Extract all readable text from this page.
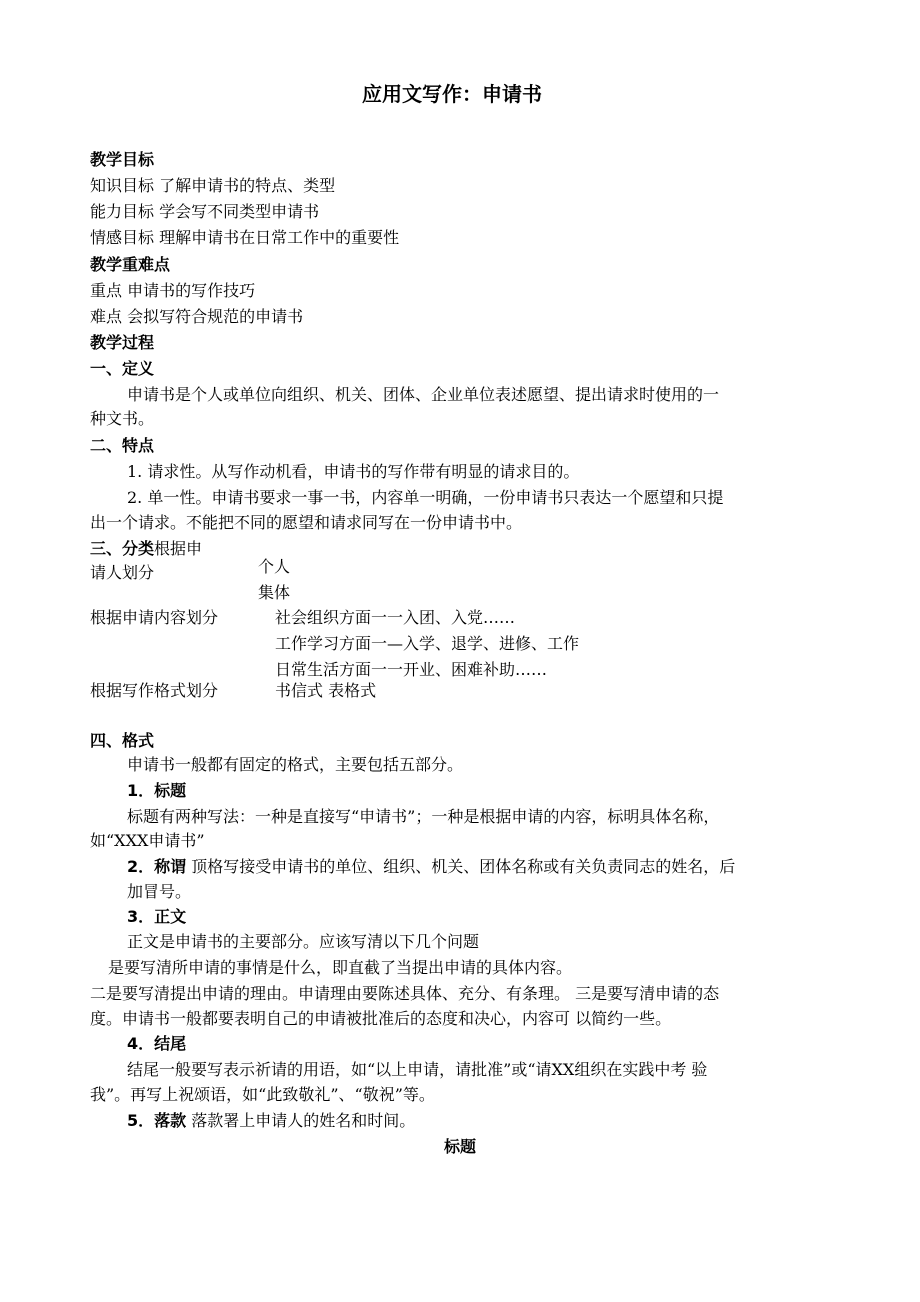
应用文写作：申请书
教学目标
知识目标 了解申请书的特点、类型
能力目标 学会写不同类型申请书
情感目标 理解申请书在日常工作中的重要性
教学重难点
重点 申请书的写作技巧
难点 会拟写符合规范的申请书
教学过程
一、定义
申请书是个人或单位向组织、机关、团体、企业单位表述愿望、提出请求时使用的一
种文书。
二、特点
1. 请求性。从写作动机看，申请书的写作带有明显的请求目的。
2. 单一性。申请书要求一事一书，内容单一明确，一份申请书只表达一个愿望和只提
出一个请求。不能把不同的愿望和请求同写在一份申请书中。
三、分类根据申
个人
请人划分
集体
根据申请内容划分	社会组织方面一一入团、入党……
工作学习方面一—入学、退学、进修、工作
日常生活方面一一开业、困难补助……
根据写作格式划分	书信式 表格式
四、格式
申请书一般都有固定的格式，主要包括五部分。
1．标题
标题有两种写法：一种是直接写“申请书”；一种是根据申请的内容，标明具体名称，
如“XXX申请书”
2．称谓 顶格写接受申请书的单位、组织、机关、团体名称或有关负责同志的姓名，后
加冒号。
3．正文
正文是申请书的主要部分。应该写清以下几个问题
是要写清所申请的事情是什么，即直截了当提出申请的具体内容。
二是要写清提出申请的理由。申请理由要陈述具体、充分、有条理。 三是要写清申请的态
度。申请书一般都要表明自己的申请被批准后的态度和决心，内容可 以简约一些。
4．结尾
结尾一般要写表示祈请的用语，如“以上申请，请批准”或“请XX组织在实践中考 验
我”。再写上祝颂语，如“此致敬礼”、“敬祝”等。
5．落款 落款署上申请人的姓名和时间。
标题
